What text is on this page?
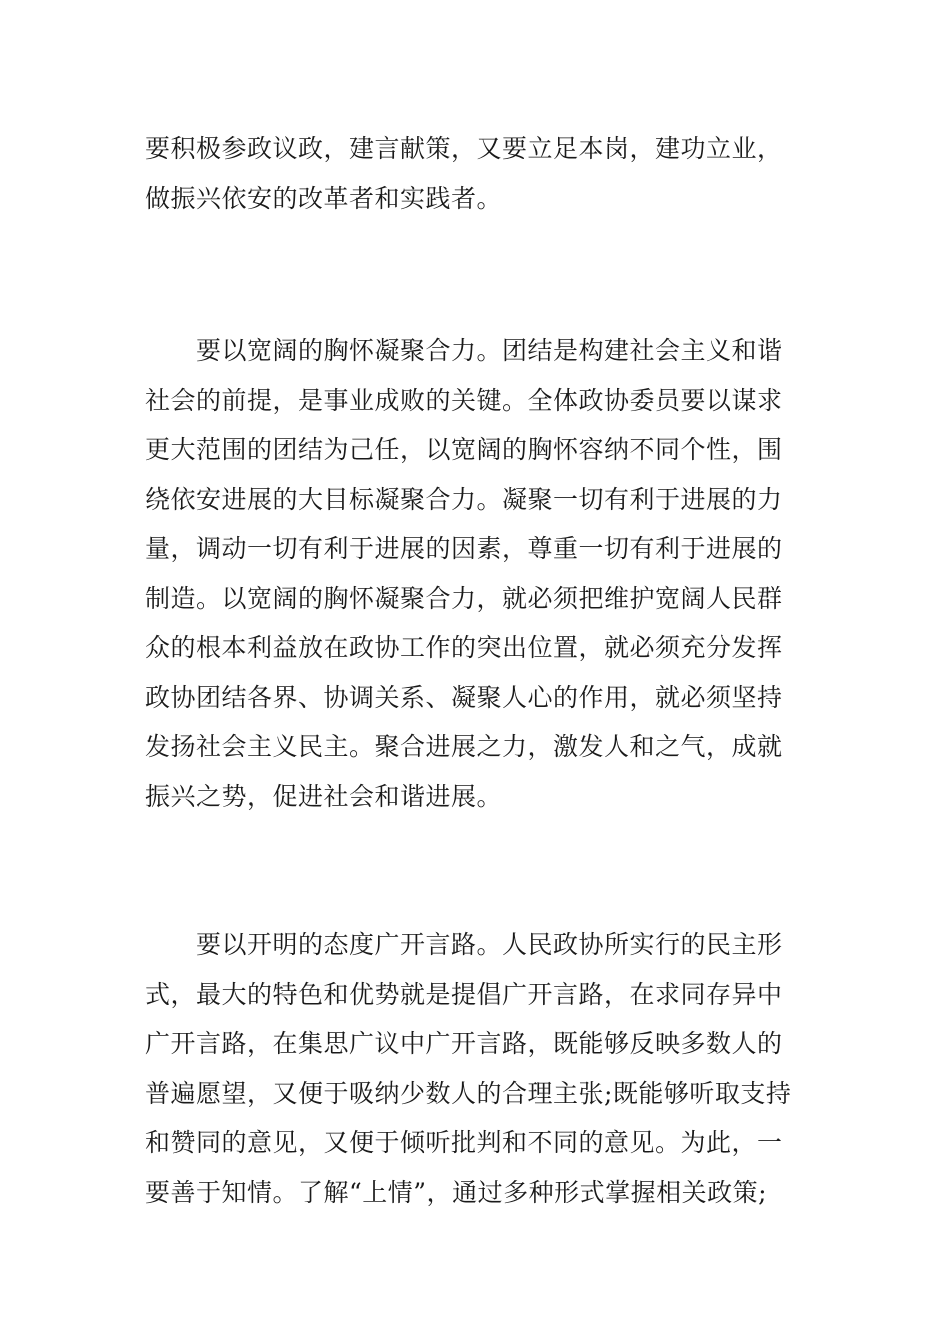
要积极参政议政，建言献策，又要立足本岗，建功立业，
做振兴依安的改革者和实践者。
　　要以宽阔的胸怀凝聚合力。团结是构建社会主义和谐
社会的前提，是事业成败的关键。全体政协委员要以谋求
更大范围的团结为己任，以宽阔的胸怀容纳不同个性，围
绕依安进展的大目标凝聚合力。凝聚一切有利于进展的力
量，调动一切有利于进展的因素，尊重一切有利于进展的
制造。以宽阔的胸怀凝聚合力，就必须把维护宽阔人民群
众的根本利益放在政协工作的突出位置，就必须充分发挥
政协团结各界、协调关系、凝聚人心的作用，就必须坚持
发扬社会主义民主。聚合进展之力，激发人和之气，成就
振兴之势，促进社会和谐进展。
　　要以开明的态度广开言路。人民政协所实行的民主形
式，最大的特色和优势就是提倡广开言路，在求同存异中
广开言路，在集思广议中广开言路，既能够反映多数人的
普遍愿望，又便于吸纳少数人的合理主张;既能够听取支持
和赞同的意见，又便于倾听批判和不同的意见。为此，一
要善于知情。了解“上情”，通过多种形式掌握相关政策;
